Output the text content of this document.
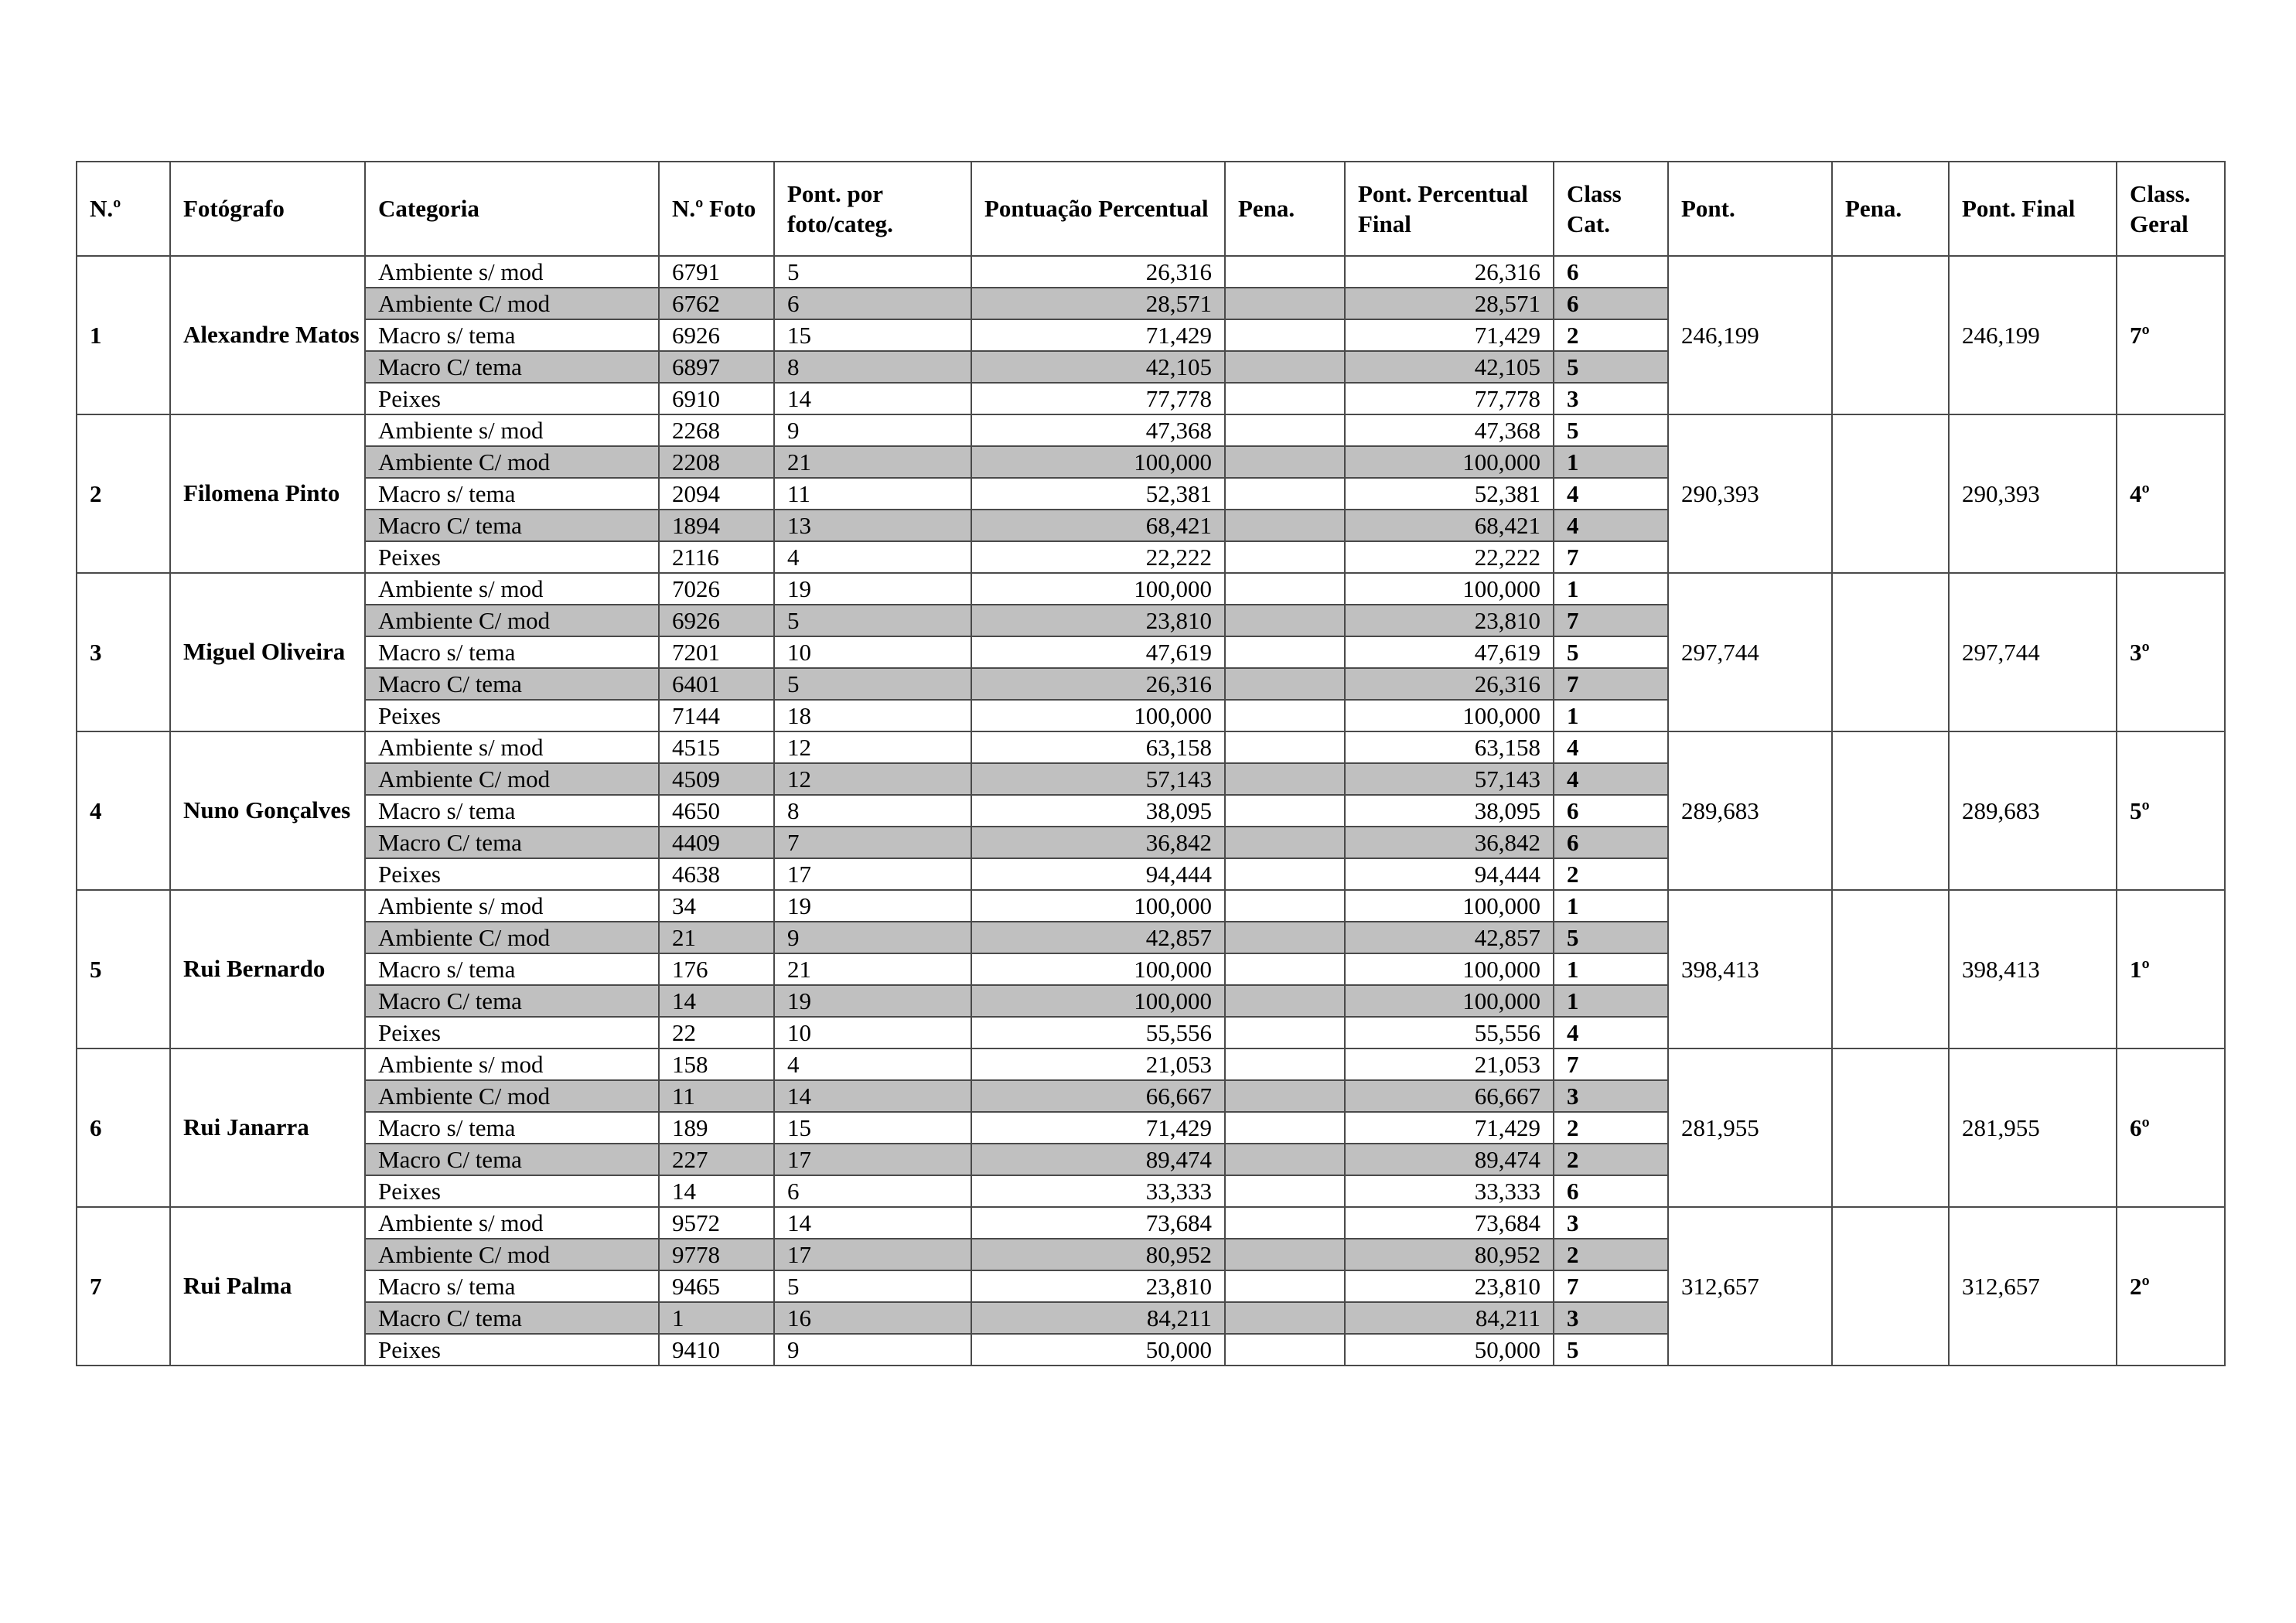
N.º	Fotógrafo	Categoria	N.º Foto	Pont. por foto/categ.	Pontuação Percentual	Pena.	Pont. Percentual Final	Class Cat.	Pont.	Pena.	Pont. Final	Class. Geral
1	Alexandre Matos	Ambiente s/ mod	6791	5	26,316		26,316	6	246,199		246,199	7º
		Ambiente C/ mod	6762	6	28,571		28,571	6				
		Macro s/ tema	6926	15	71,429		71,429	2				
		Macro C/ tema	6897	8	42,105		42,105	5				
		Peixes	6910	14	77,778		77,778	3				
2	Filomena Pinto	Ambiente s/ mod	2268	9	47,368		47,368	5	290,393		290,393	4º
		Ambiente C/ mod	2208	21	100,000		100,000	1				
		Macro s/ tema	2094	11	52,381		52,381	4				
		Macro C/ tema	1894	13	68,421		68,421	4				
		Peixes	2116	4	22,222		22,222	7				
3	Miguel Oliveira	Ambiente s/ mod	7026	19	100,000		100,000	1	297,744		297,744	3º
		Ambiente C/ mod	6926	5	23,810		23,810	7				
		Macro s/ tema	7201	10	47,619		47,619	5				
		Macro C/ tema	6401	5	26,316		26,316	7				
		Peixes	7144	18	100,000		100,000	1				
4	Nuno Gonçalves	Ambiente s/ mod	4515	12	63,158		63,158	4	289,683		289,683	5º
		Ambiente C/ mod	4509	12	57,143		57,143	4				
		Macro s/ tema	4650	8	38,095		38,095	6				
		Macro C/ tema	4409	7	36,842		36,842	6				
		Peixes	4638	17	94,444		94,444	2				
5	Rui Bernardo	Ambiente s/ mod	34	19	100,000		100,000	1	398,413		398,413	1º
		Ambiente C/ mod	21	9	42,857		42,857	5				
		Macro s/ tema	176	21	100,000		100,000	1				
		Macro C/ tema	14	19	100,000		100,000	1				
		Peixes	22	10	55,556		55,556	4				
6	Rui Janarra	Ambiente s/ mod	158	4	21,053		21,053	7	281,955		281,955	6º
		Ambiente C/ mod	11	14	66,667		66,667	3				
		Macro s/ tema	189	15	71,429		71,429	2				
		Macro C/ tema	227	17	89,474		89,474	2				
		Peixes	14	6	33,333		33,333	6				
7	Rui Palma	Ambiente s/ mod	9572	14	73,684		73,684	3	312,657		312,657	2º
		Ambiente C/ mod	9778	17	80,952		80,952	2				
		Macro s/ tema	9465	5	23,810		23,810	7				
		Macro C/ tema	1	16	84,211		84,211	3				
		Peixes	9410	9	50,000		50,000	5				
